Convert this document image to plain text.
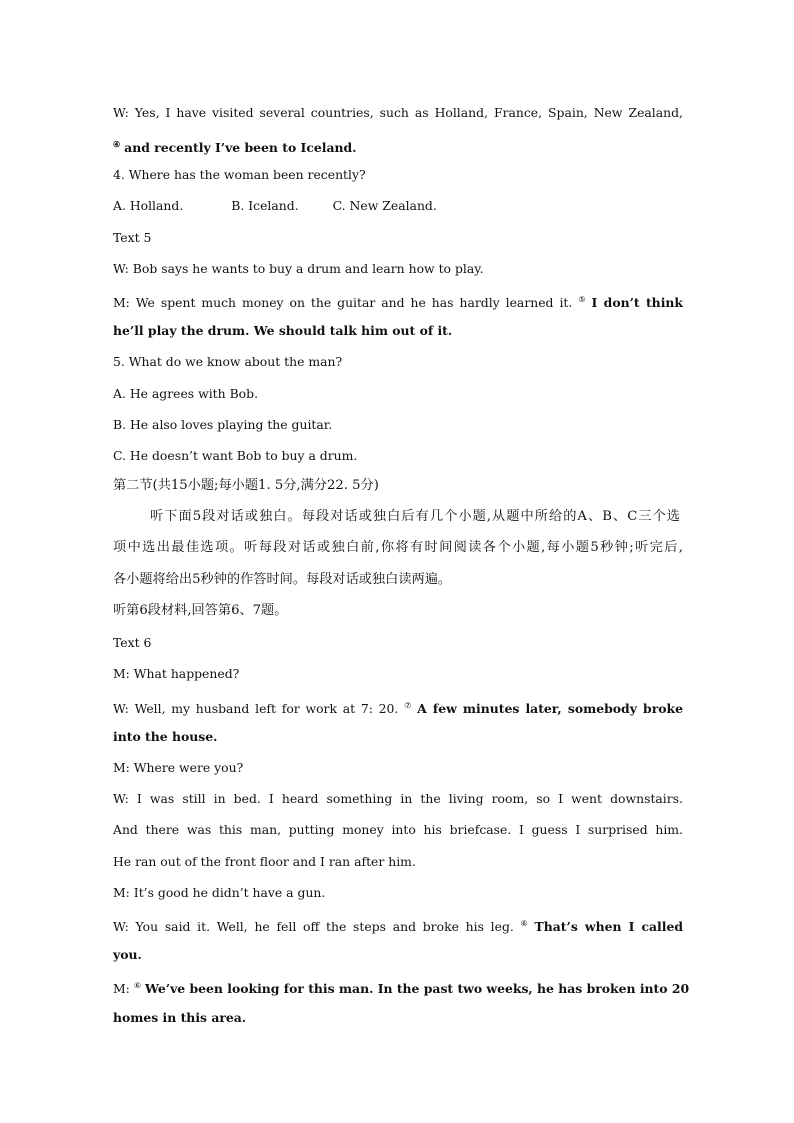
W: Yes, I have visited several countries, such as Holland, France, Spain, New Zealand,
④ and recently I’ve been to Iceland.
4. Where has the woman been recently?
A. Holland.	B. Iceland.	C. New Zealand.
Text 5
W: Bob says he wants to buy a drum and learn how to play.
M: We spent much money on the guitar and he has hardly learned it. ⑤ I don’t think
he’ll play the drum. We should talk him out of it.
5. What do we know about the man?
A. He agrees with Bob.
B. He also loves playing the guitar.
C. He doesn’t want Bob to buy a drum.
第二节(共15小题;每小题1. 5分,满分22. 5分)
听下面5段对话或独白。每段对话或独白后有几个小题,从题中所给的A、B、C三个选
项中选出最佳选项。听每段对话或独白前,你将有时间阅读各个小题,每小题5秒钟;听完后,
各小题将给出5秒钟的作答时间。每段对话或独白读两遍。
听第6段材料,回答第6、7题。
Text 6
M: What happened?
W: Well, my husband left for work at 7: 20. ⑦ A few minutes later, somebody broke
into the house.
M: Where were you?
W: I was still in bed. I heard something in the living room, so I went downstairs.
And there was this man, putting money into his briefcase. I guess I surprised him.
He ran out of the front floor and I ran after him.
M: It’s good he didn’t have a gun.
W: You said it. Well, he fell off the steps and broke his leg. ⑥ That’s when I called
you.
M: ⑥ We’ve been looking for this man. In the past two weeks, he has broken into 20
homes in this area.
